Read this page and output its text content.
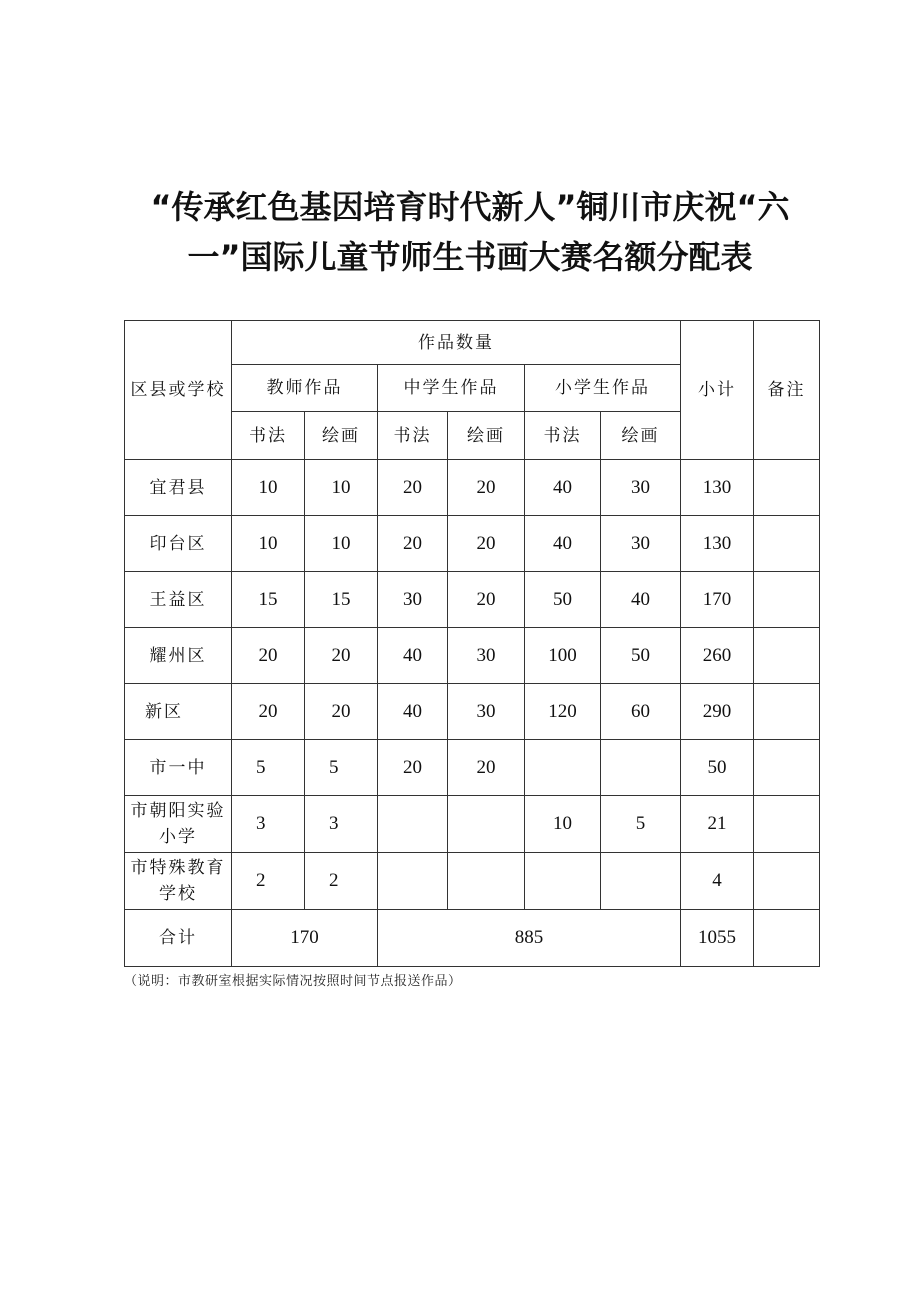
“传承红色基因培育时代新人”铜川市庆祝“六
一”国际儿童节师生书画大赛名额分配表
区县或学校	作品数量						小计	备注
	教师作品		中学生作品		小学生作品			
	书法	绘画	书法	绘画	书法	绘画		
宜君县	10	10	20	20	40	30	130	
印台区	10	10	20	20	40	30	130	
王益区	15	15	30	20	50	40	170	
耀州区	20	20	40	30	100	50	260	
新区	20	20	40	30	120	60	290	
市一中	5	5	20	20			50	
市朝阳实验小学	3	3			10	5	21	
市特殊教育学校	2	2					4	
合计	170		885				1055	
（说明：市教研室根据实际情况按照时间节点报送作品）
